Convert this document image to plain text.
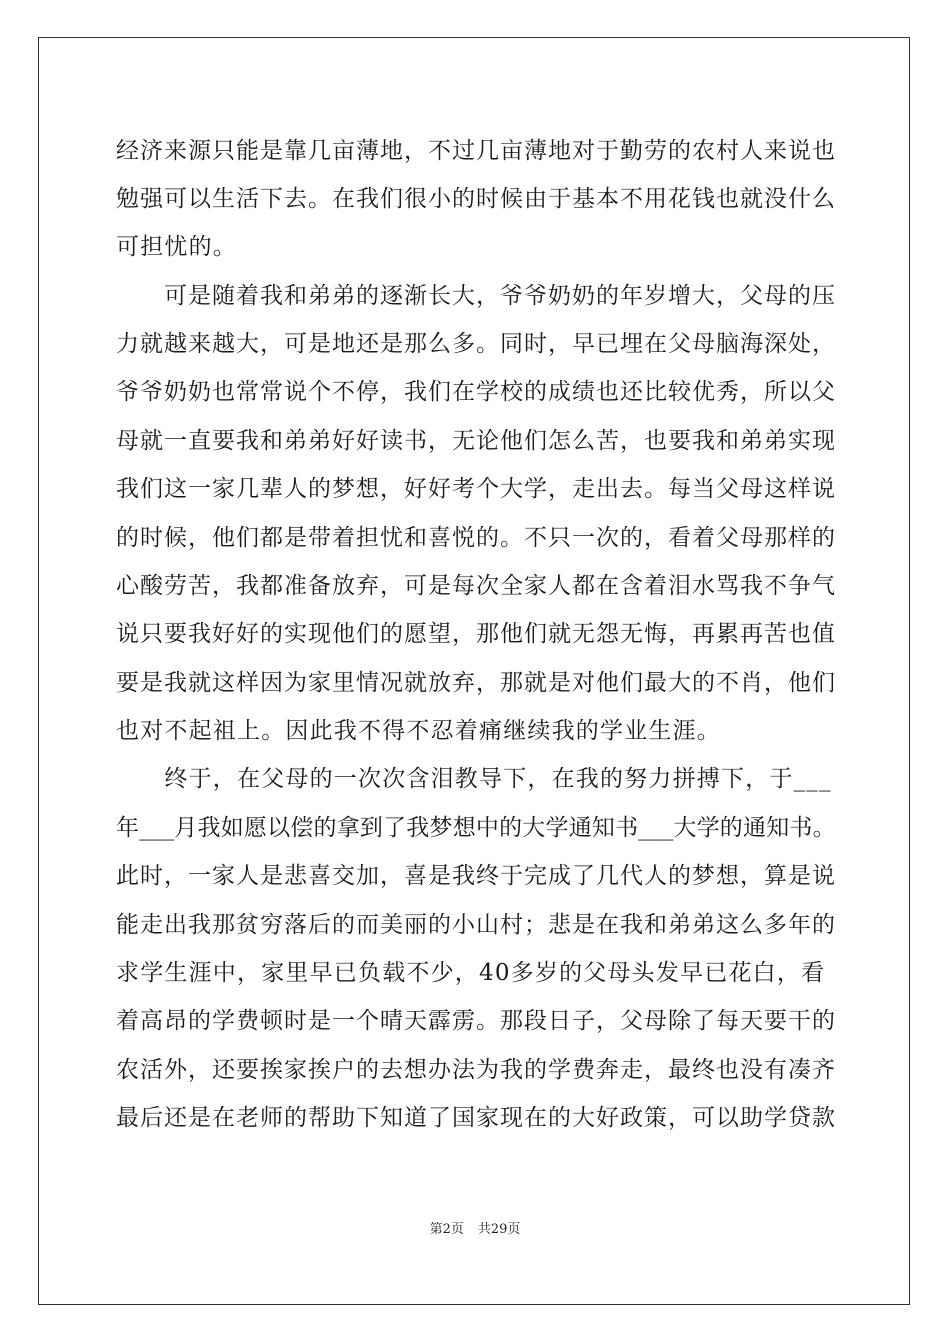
经济来源只能是靠几亩薄地，不过几亩薄地对于勤劳的农村人来说也
勉强可以生活下去。在我们很小的时候由于基本不用花钱也就没什么
可担忧的。
　　可是随着我和弟弟的逐渐长大，爷爷奶奶的年岁增大，父母的压
力就越来越大，可是地还是那么多。同时，早已埋在父母脑海深处，
爷爷奶奶也常常说个不停，我们在学校的成绩也还比较优秀，所以父
母就一直要我和弟弟好好读书，无论他们怎么苦，也要我和弟弟实现
我们这一家几辈人的梦想，好好考个大学，走出去。每当父母这样说
的时候，他们都是带着担忧和喜悦的。不只一次的，看着父母那样的
心酸劳苦，我都准备放弃，可是每次全家人都在含着泪水骂我不争气
说只要我好好的实现他们的愿望，那他们就无怨无悔，再累再苦也值
要是我就这样因为家里情况就放弃，那就是对他们最大的不肖，他们
也对不起祖上。因此我不得不忍着痛继续我的学业生涯。
　　终于，在父母的一次次含泪教导下，在我的努力拼搏下，于___
年___月我如愿以偿的拿到了我梦想中的大学通知书___大学的通知书。
此时，一家人是悲喜交加，喜是我终于完成了几代人的梦想，算是说
能走出我那贫穷落后的而美丽的小山村；悲是在我和弟弟这么多年的
求学生涯中，家里早已负载不少，40多岁的父母头发早已花白，看
着高昂的学费顿时是一个晴天霹雳。那段日子，父母除了每天要干的
农活外，还要挨家挨户的去想办法为我的学费奔走，最终也没有凑齐
最后还是在老师的帮助下知道了国家现在的大好政策，可以助学贷款
第2页 共29页
